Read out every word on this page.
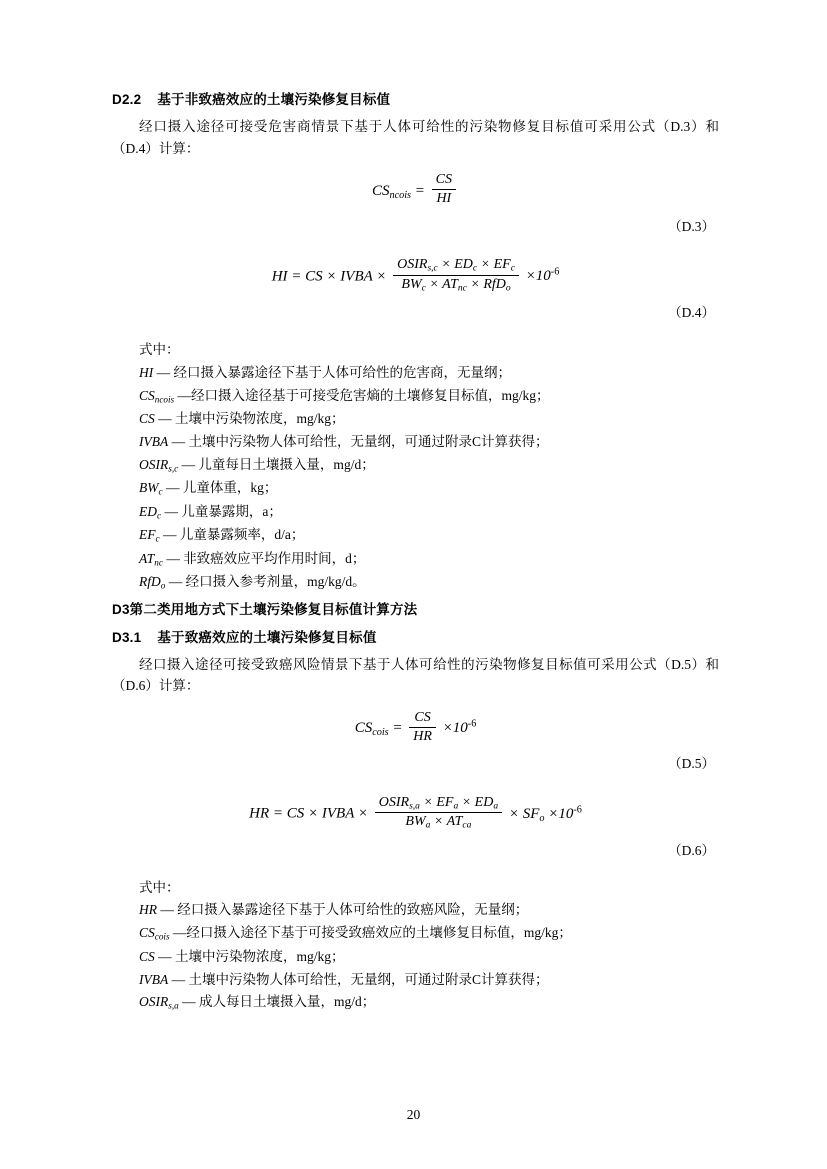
D2.2 基于非致癌效应的土壤污染修复目标值

经口摄入途径可接受危害商情景下基于人体可给性的污染物修复目标值可采用公式（D.3）和（D.4）计算：

$CS_{ncois} = \frac{CS}{HI}$
（D.3）
HI = CS × IVBA × $\frac{OSIR_{s,c} \times ED_c \times EF_c}{BW_c \times AT_{nc} \times RfD_o} \times 10^{-6}$
（D.4）

式中：

HI — 经口摄入暴露途径下基于人体可给性的危害商，无量纲；

$CS_{ncois}$ —经口摄入途径基于可接受危害熵的土壤修复目标值，mg/kg；

CS — 土壤中污染物浓度，mg/kg；

IVBA — 土壤中污染物人体可给性，无量纲，可通过附录C计算获得；

$OSIR_{s,c}$ — 儿童每日土壤摄入量，mg/d；

$BW_c$ — 儿童体重，kg；

$ED_c$ — 儿童暴露期，a；

$EF_c$ — 儿童暴露频率，d/a；

$AT_{nc}$ — 非致癌效应平均作用时间，d；

RfD$_o$ — 经口摄入参考剂量，mg/kg/d。

D3第二类用地方式下土壤污染修复目标值计算方法
D3.1 基于致癌效应的土壤污染修复目标值

经口摄入途径可接受致癌风险情景下基于人体可给性的污染物修复目标值可采用公式（D.5）和（D.6）计算：

$CS_{cois} = \frac{CS}{HR} \times 10^{-6}$
（D.5）
HR = CS × IVBA × $\frac{OSIR_{s,a} \times EF_a \times ED_a}{BW_a \times AT_{ca}} \times SF_o \times 10^{-6}$
（D.6）

式中：

HR — 经口摄入暴露途径下基于人体可给性的致癌风险，无量纲；

$CS_{cois}$ —经口摄入途径下基于可接受致癌效应的土壤修复目标值，mg/kg；

CS — 土壤中污染物浓度，mg/kg；

IVBA — 土壤中污染物人体可给性，无量纲，可通过附录C计算获得；

$OSIR_{s,a}$ — 成人每日土壤摄入量，mg/d；

20
